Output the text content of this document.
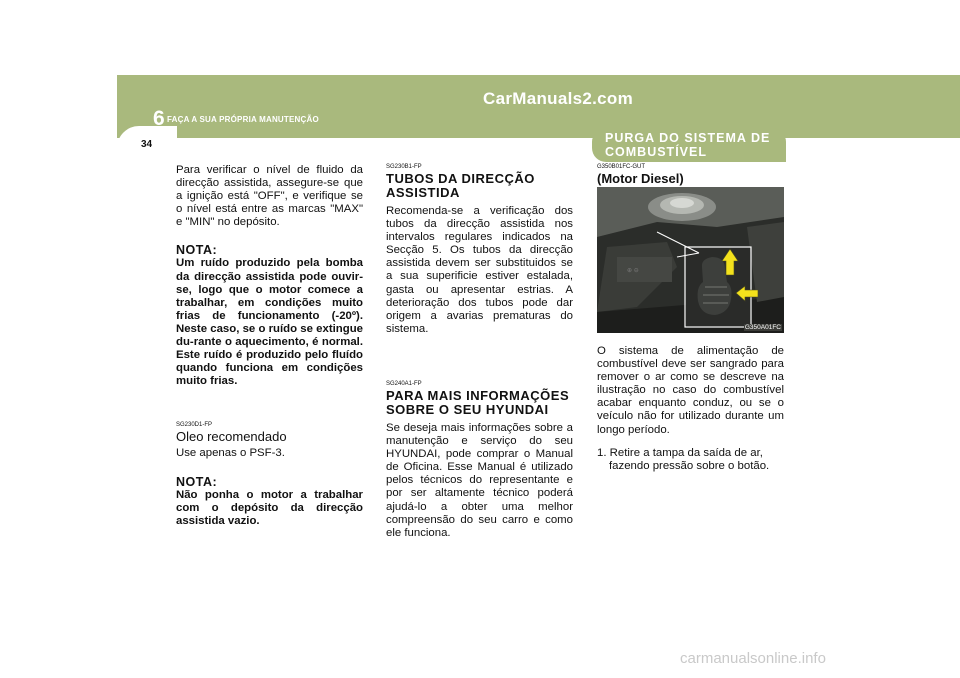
6 FAÇA A SUA PRÓPRIA MANUTENÇÃO
34
CarManuals2.com
PURGA DO SISTEMA DE COMBUSTÍVEL

Para verificar o nível de fluido da direcção assistida, assegure-se que a ignição está "OFF", e verifique se o nível está entre as marcas "MAX" e "MIN" no depósito.

NOTA:

Um ruído produzido pela bomba da direcção assistida pode ouvir-se, logo que o motor comece a trabalhar, em condições muito frias de funcionamento (-20º). Neste caso, se o ruído se extingue du-rante o aquecimento, é normal. Este ruído é produzido pelo fluído quando funciona em condições muito frias.

SG230D1-FP

Oleo recomendado

Use apenas o PSF-3.

NOTA:

Não ponha o motor a trabalhar com o depósito da direcção assistida vazio.

SG230B1-FP

TUBOS DA DIRECÇÃO ASSISTIDA

Recomenda-se a verificação dos tubos da direcção assistida nos intervalos regulares indicados na Secção 5. Os tubos da direcção assistida devem ser substituidos se a sua superificie estiver estalada, gasta ou apresentar estrias. A deterioração dos tubos pode dar origem a avarias prematuras do sistema.

SG240A1-FP

PARA MAIS INFORMAÇÕES SOBRE O SEU HYUNDAI

Se deseja mais informações sobre a manutenção e serviço do seu HYUNDAI, pode comprar o Manual de Oficina. Esse Manual é utilizado pelos técnicos do representante e por ser altamente técnico poderá ajudá-lo a obter uma melhor compreensão do seu carro e como ele funciona.

G350B01FC-GUT

(Motor Diesel)

⊕ ⊖
G350A01FC

O sistema de alimentação de combustível deve ser sangrado para remover o ar como se descreve na ilustração no caso do combustível acabar enquanto conduz, ou se o veículo não for utilizado durante um longo período.

1. Retire a tampa da saída de ar, fazendo pressão sobre o botão.

carmanualsonline.info
